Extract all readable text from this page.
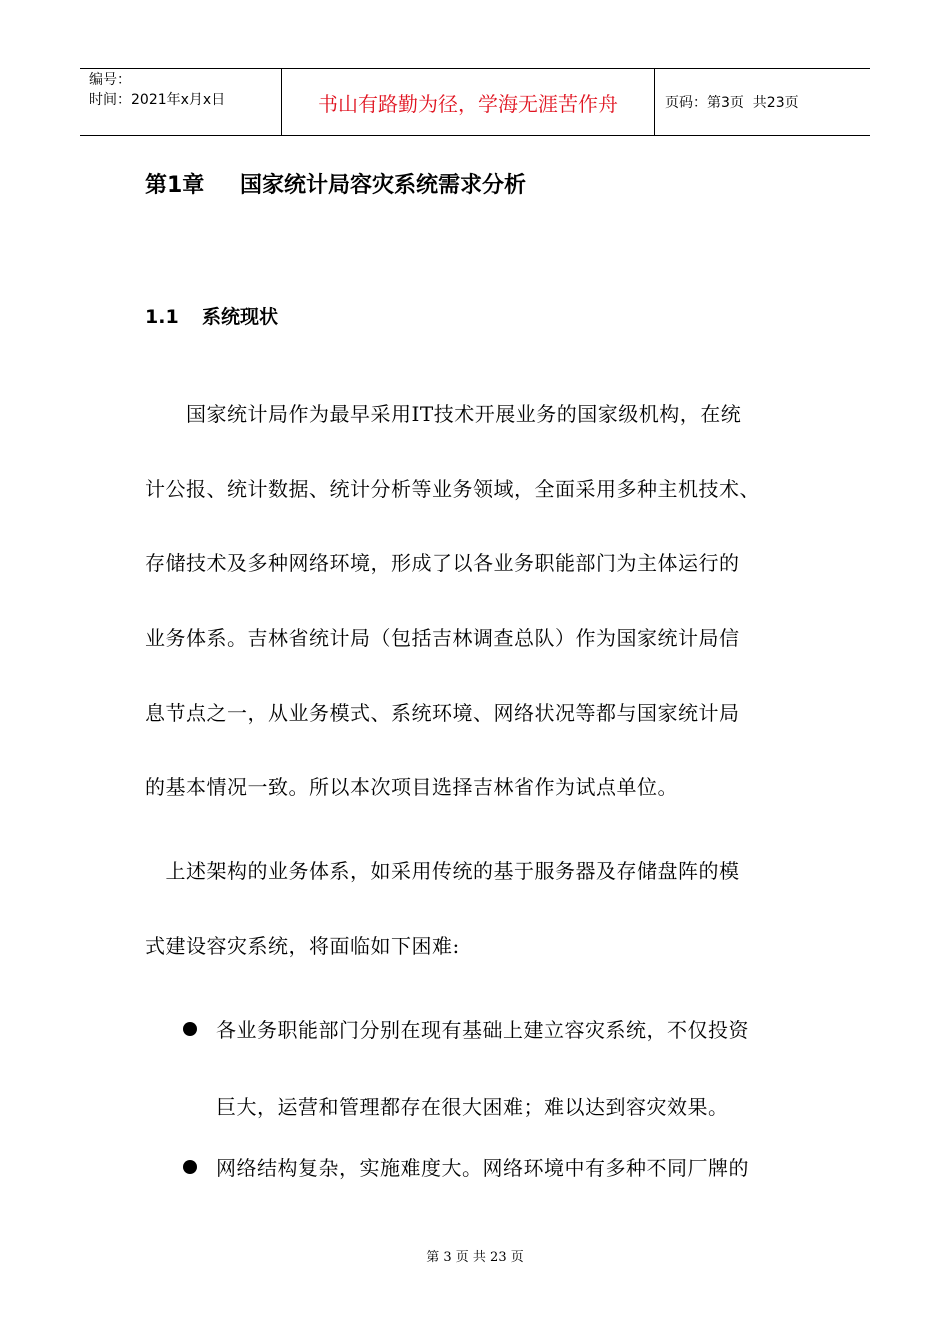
编号：
时间：2021年x月x日	书山有路勤为径，学海无涯苦作舟	页码：第3页  共23页
第1章 国家统计局容灾系统需求分析
1.1 系统现状
　　国家统计局作为最早采用IT技术开展业务的国家级机构，在统
计公报、统计数据、统计分析等业务领域，全面采用多种主机技术、
存储技术及多种网络环境，形成了以各业务职能部门为主体运行的
业务体系。吉林省统计局（包括吉林调查总队）作为国家统计局信
息节点之一，从业务模式、系统环境、网络状况等都与国家统计局
的基本情况一致。所以本次项目选择吉林省作为试点单位。
　上述架构的业务体系，如采用传统的基于服务器及存储盘阵的模
式建设容灾系统，将面临如下困难:
各业务职能部门分别在现有基础上建立容灾系统，不仅投资
巨大，运营和管理都存在很大困难；难以达到容灾效果。
网络结构复杂，实施难度大。网络环境中有多种不同厂牌的
第 3 页 共 23 页
